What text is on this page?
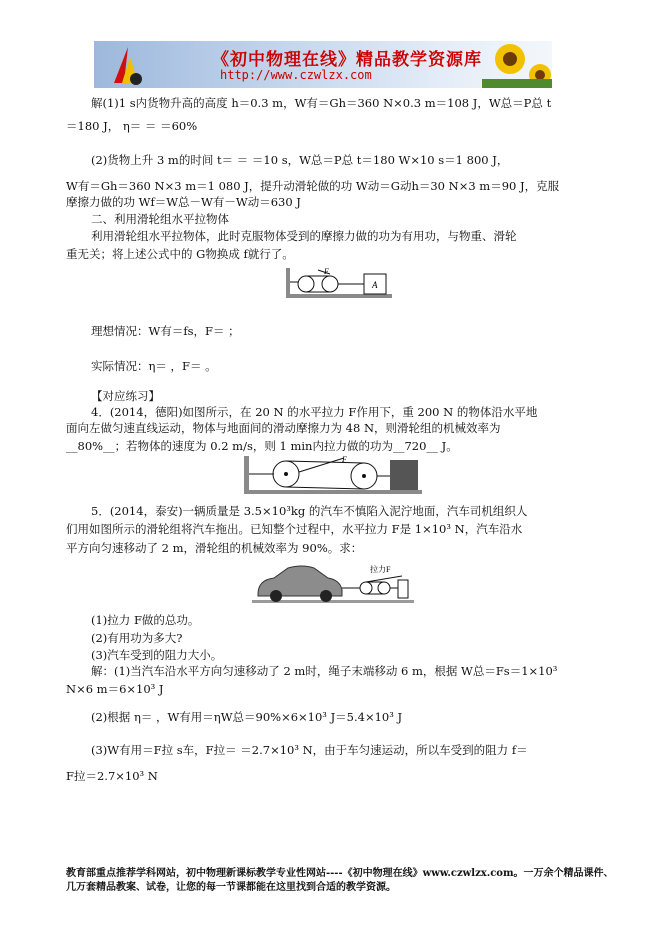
《初中物理在线》精品教学资源库
http://www.czwlzx.com
解(1)1 s内货物升高的高度 h＝0.3 m，W有＝Gh＝360 N×0.3 m＝108 J，W总＝P总 t
＝180 J， η＝ ＝ ＝60%
(2)货物上升 3 m的时间 t＝ ＝ ＝10 s，W总＝P总 t＝180 W×10 s＝1 800 J，
W有＝Gh＝360 N×3 m＝1 080 J，提升动滑轮做的功 W动＝G动h＝30 N×3 m＝90 J，克服
摩擦力做的功 Wf＝W总－W有－W动＝630 J
二、利用滑轮组水平拉物体
利用滑轮组水平拉物体，此时克服物体受到的摩擦力做的功为有用功，与物重、滑轮
重无关；将上述公式中的 G物换成 f就行了。
A
F
理想情况：W有＝fs，F＝ ；
实际情况：η＝ ，F＝ 。
【对应练习】
4．(2014，德阳)如图所示，在 20 N 的水平拉力 F作用下，重 200 N 的物体沿水平地
面向左做匀速直线运动，物体与地面间的滑动摩擦力为 48 N，则滑轮组的机械效率为
__80%__；若物体的速度为 0.2 m/s，则 1 min内拉力做的功为__720__ J。
F
5．(2014，泰安)一辆质量是 3.5×10³kg 的汽车不慎陷入泥泞地面，汽车司机组织人
们用如图所示的滑轮组将汽车拖出。已知整个过程中，水平拉力 F是 1×10³ N，汽车沿水
平方向匀速移动了 2 m，滑轮组的机械效率为 90%。求：
拉力F
(1)拉力 F做的总功。
(2)有用功为多大?
(3)汽车受到的阻力大小。
解：(1)当汽车沿水平方向匀速移动了 2 m时，绳子末端移动 6 m，根据 W总＝Fs＝1×10³
N×6 m＝6×10³ J
(2)根据 η＝ ，W有用＝ηW总＝90%×6×10³ J＝5.4×10³ J
(3)W有用＝F拉 s车，F拉＝ ＝2.7×10³ N，由于车匀速运动，所以车受到的阻力 f＝
F拉＝2.7×10³ N
教育部重点推荐学科网站，初中物理新课标教学专业性网站----《初中物理在线》www.czwlzx.com。一万余个精品课件、
几万套精品教案、试卷，让您的每一节课都能在这里找到合适的教学资源。
